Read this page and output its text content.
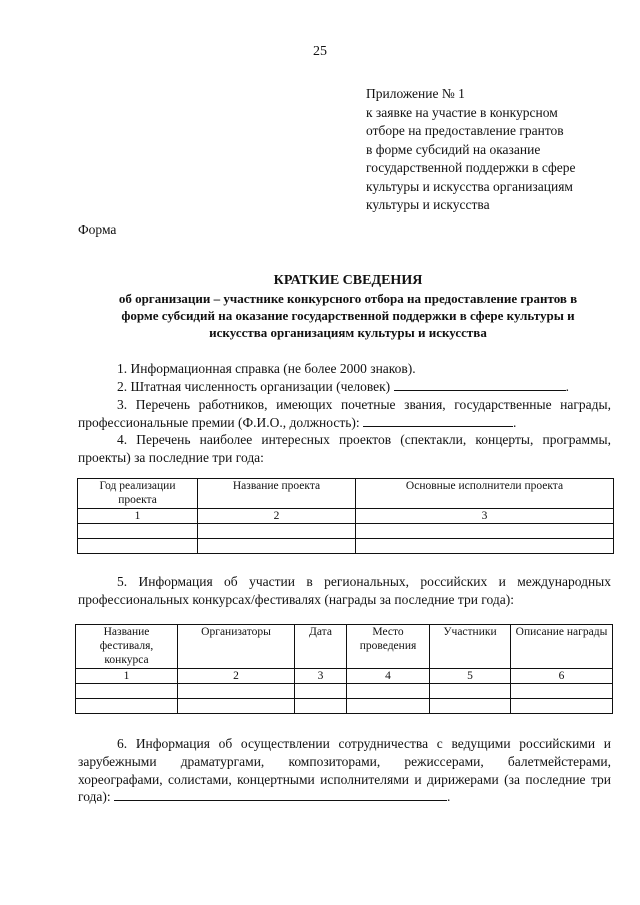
25
Приложение № 1
к заявке на участие в конкурсном
отборе на предоставление грантов
в форме субсидий на оказание
государственной поддержки в сфере
культуры и искусства организациям
культуры и искусства
Форма
КРАТКИЕ СВЕДЕНИЯ
об организации – участнике конкурсного отбора на предоставление грантов в
форме субсидий на оказание государственной поддержки в сфере культуры и
искусства организациям культуры и искусства
1. Информационная справка (не более 2000 знаков).
2. Штатная численность организации (человек)	.
3. Перечень работников, имеющих почетные звания, государственные награды, профессиональные премии (Ф.И.О., должность):	.
4. Перечень наиболее интересных проектов (спектакли, концерты, программы, проекты) за последние три года:
Год реализации проекта	Название проекта	Основные исполнители проекта
1	2	3

5. Информация об участии в региональных, российских и международных профессиональных конкурсах/фестивалях (награды за последние три года):
Название фестиваля, конкурса	Организаторы	Дата	Место проведения	Участники	Описание награды
1	2	3	4	5	6

6. Информация об осуществлении сотрудничества с ведущими российскими и зарубежными драматургами, композиторами, режиссерами, балетмейстерами, хореографами, солистами, концертными исполнителями и дирижерами (за последние три года):	.
